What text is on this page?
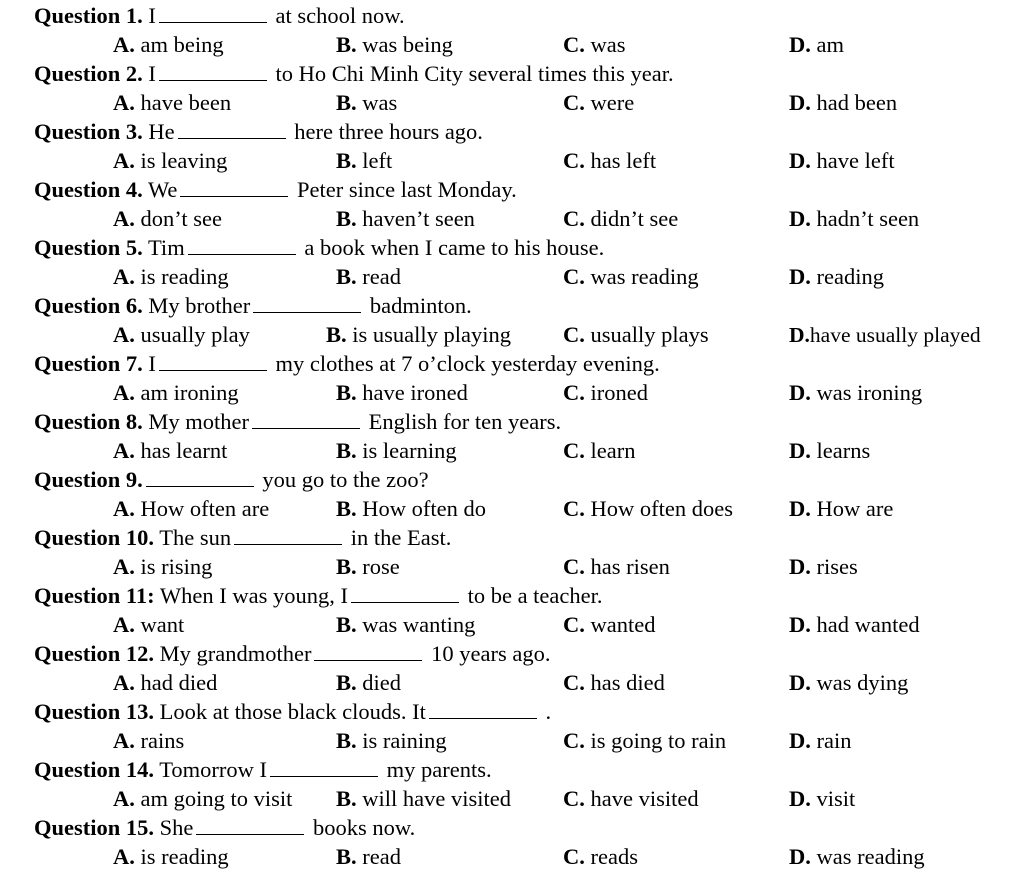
Question 1. I	at school now.
A. am being	B. was being	C. was	D. am
Question 2. I	to Ho Chi Minh City several times this year.
A. have been	B. was	C. were	D. had been
Question 3. He	here three hours ago.
A. is leaving	B. left	C. has left	D. have left
Question 4. We	Peter since last Monday.
A. don’t see	B. haven’t seen	C. didn’t see	D. hadn’t seen
Question 5. Tim	a book when I came to his house.
A. is reading	B. read	C. was reading	D. reading
Question 6. My brother	badminton.
A. usually play	B. is usually playing C. usually plays	D.have usually played
Question 7. I	my clothes at 7 o’clock yesterday evening.
A. am ironing	B. have ironed	C. ironed	D. was ironing
Question 8. My mother	English for ten years.
A. has learnt	B. is learning	C. learn	D. learns
Question 9.	you go to the zoo?
A. How often are	B. How often do	C. How often does D. How are
Question 10. The sun	in the East.
A. is rising	B. rose	C. has risen	D. rises
Question 11: When I was young, I	to be a teacher.
A. want	B. was wanting	C. wanted	D. had wanted
Question 12. My grandmother	10 years ago.
A. had died	B. died	C. has died	D. was dying
Question 13. Look at those black clouds. It	.
A. rains	B. is raining	C. is going to rain	D. rain
Question 14. Tomorrow I	my parents.
A. am going to visit B. will have visited C. have visited	D. visit
Question 15. She	books now.
A. is reading	B. read	C. reads	D. was reading
